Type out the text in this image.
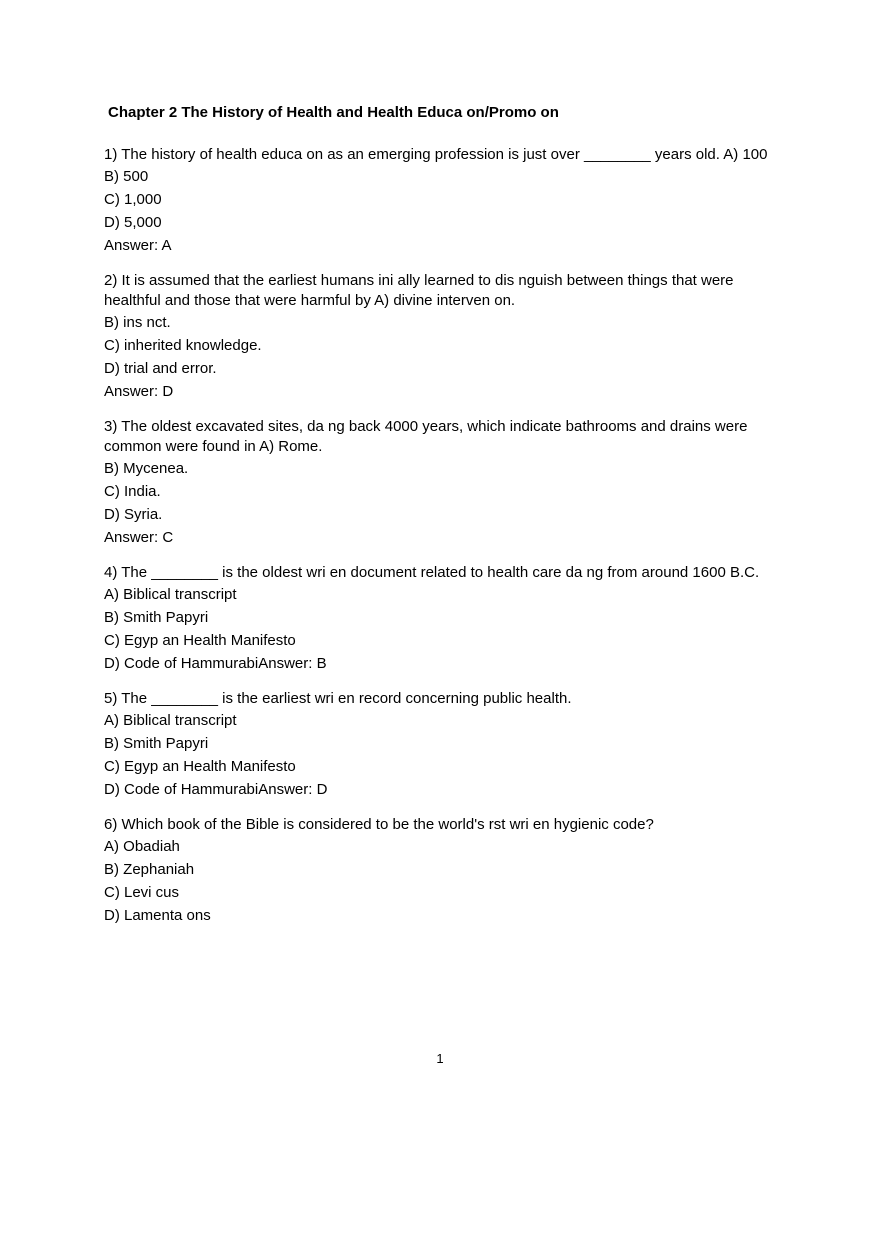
Chapter 2 The History of Health and Health Educa on/Promo on

1) The history of health educa on as an emerging profession is just over ________ years old. A) 100

B) 500

C) 1,000

D) 5,000

Answer: A

2) It is assumed that the earliest humans ini ally learned to dis nguish between things that were healthful and those that were harmful by A) divine interven on.

B) ins nct.

C) inherited knowledge.

D) trial and error.

Answer: D

3) The oldest excavated sites, da ng back 4000 years, which indicate bathrooms and drains were common were found in A) Rome.

B) Mycenea.

C) India.

D) Syria.

Answer: C

4) The ________ is the oldest wri en document related to health care da ng from around 1600 B.C.

A) Biblical transcript

B) Smith Papyri

C) Egyp an Health Manifesto

D) Code of HammurabiAnswer: B

5) The ________ is the earliest wri en record concerning public health.

A) Biblical transcript

B) Smith Papyri

C) Egyp an Health Manifesto

D) Code of HammurabiAnswer: D

6) Which book of the Bible is considered to be the world's rst wri en hygienic code?

A) Obadiah

B) Zephaniah

C) Levi cus

D) Lamenta ons

1
